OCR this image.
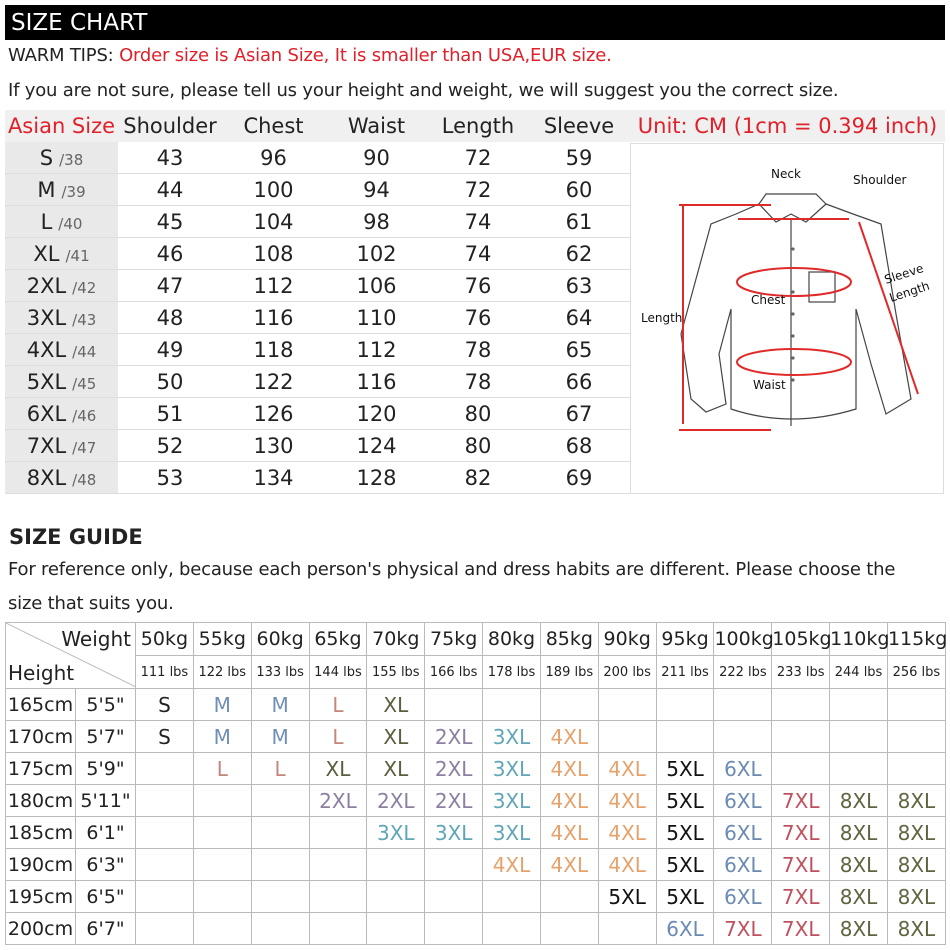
SIZE CHART
WARM TIPS: Order size is Asian Size, It is smaller than USA,EUR size.
If you are not sure, please tell us your height and weight, we will suggest you the correct size.
Asian Size	Shoulder	Chest	Waist	Length	Sleeve
S /38	43	96	90	72	59
M /39	44	100	94	72	60
L /40	45	104	98	74	61
XL /41	46	108	102	74	62
2XL /42	47	112	106	76	63
3XL /43	48	116	110	76	64
4XL /44	49	118	112	78	65
5XL /45	50	122	116	78	66
6XL /46	51	126	120	80	67
7XL /47	52	130	124	80	68
8XL /48	53	134	128	82	69
Unit: CM (1cm = 0.394 inch)
Neck	Shoulder
Chest
Waist
Length
Sleeve
Length
SIZE GUIDE
For reference only, because each person's physical and dress habits are different. Please choose the
size that suits you.
Weight
Height		50kg	55kg	60kg	65kg	70kg	75kg	80kg	85kg	90kg	95kg	100kg	105kg	110kg	115kg
		111 lbs	122 lbs	133 lbs	144 lbs	155 lbs	166 lbs	178 lbs	189 lbs	200 lbs	211 lbs	222 lbs	233 lbs	244 lbs	256 lbs
165cm	5'5"	S	M	M	L	XL									
170cm	5'7"	S	M	M	L	XL	2XL	3XL	4XL						
175cm	5'9"		L	L	XL	XL	2XL	3XL	4XL	4XL	5XL	6XL			
180cm	5'11"				2XL	2XL	2XL	3XL	4XL	4XL	5XL	6XL	7XL	8XL	8XL
185cm	6'1"					3XL	3XL	3XL	4XL	4XL	5XL	6XL	7XL	8XL	8XL
190cm	6'3"							4XL	4XL	4XL	5XL	6XL	7XL	8XL	8XL
195cm	6'5"									5XL	5XL	6XL	7XL	8XL	8XL
200cm	6'7"										6XL	7XL	7XL	8XL	8XL
